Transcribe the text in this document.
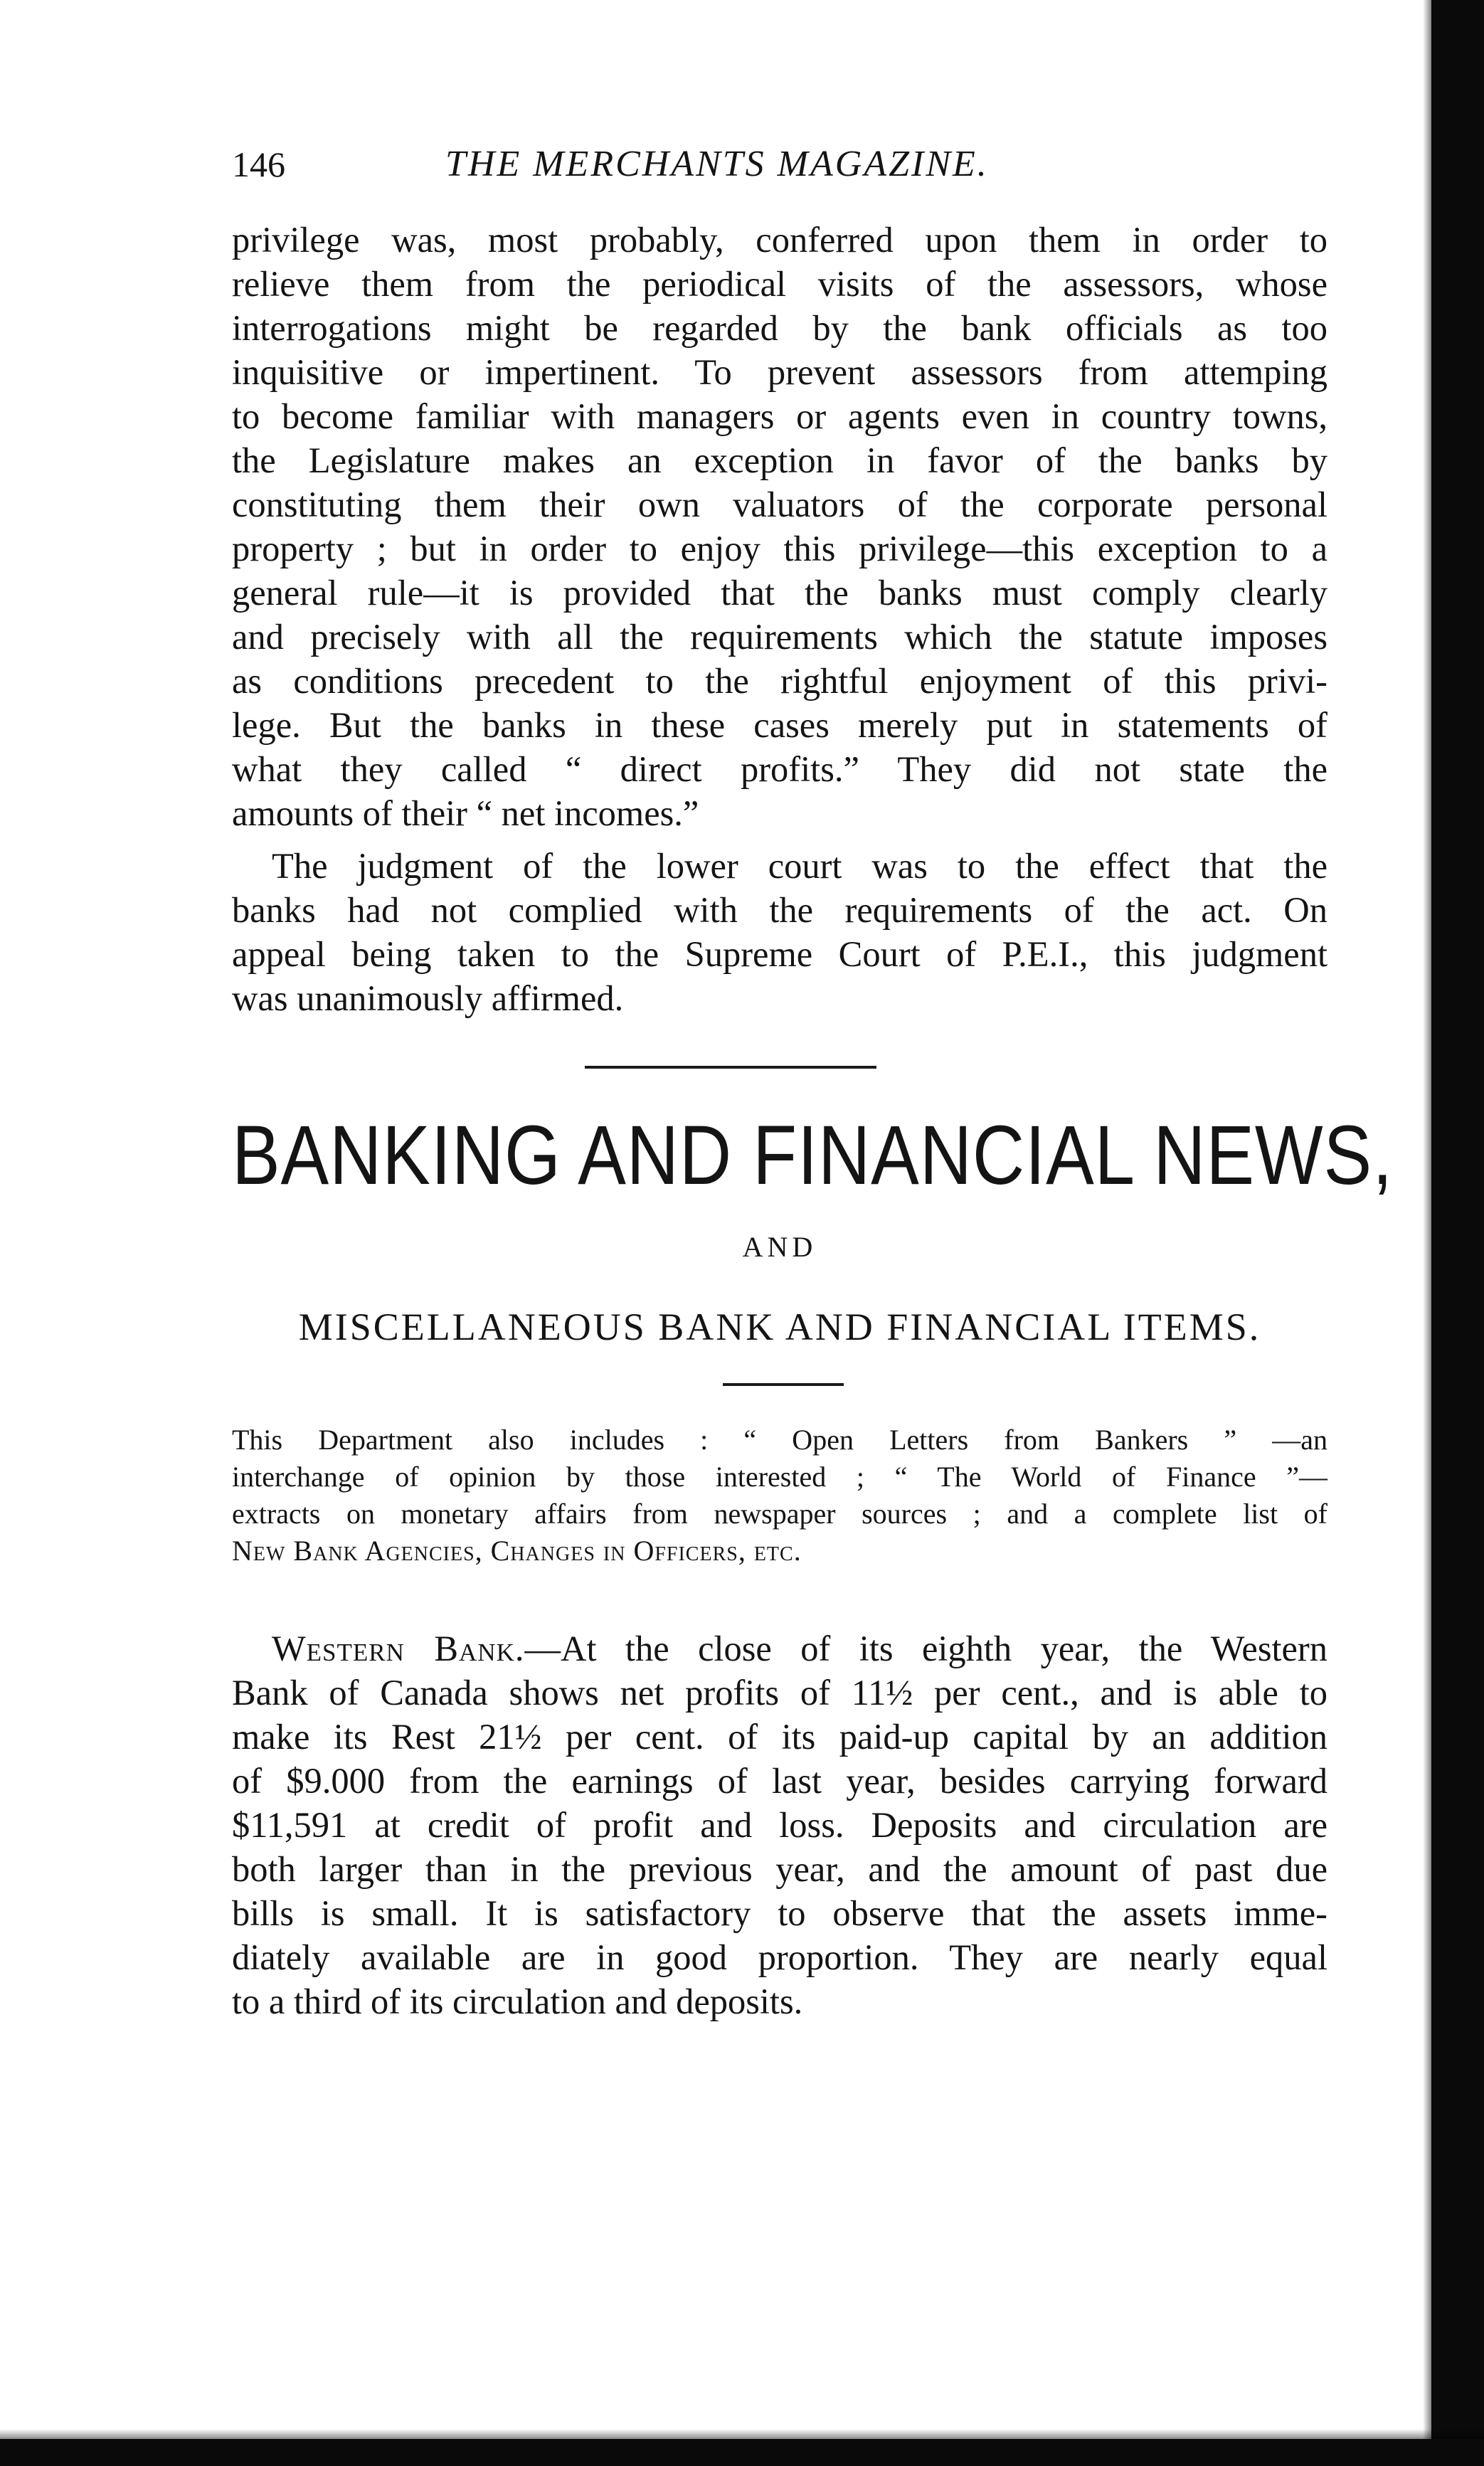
146	THE MERCHANTS MAGAZINE.
privilege was, most probably, conferred upon them in order to
relieve them from the periodical visits of the assessors, whose
interrogations might be regarded by the bank officials as too
inquisitive or impertinent. To prevent assessors from attemping
to become familiar with managers or agents even in country towns,
the Legislature makes an exception in favor of the banks by
constituting them their own valuators of the corporate personal
property ; but in order to enjoy this privilege—this exception to a
general rule—it is provided that the banks must comply clearly
and precisely with all the requirements which the statute imposes
as conditions precedent to the rightful enjoyment of this privi-
lege. But the banks in these cases merely put in statements of
what they called “ direct profits.” They did not state the
amounts of their “ net incomes.”
The judgment of the lower court was to the effect that the
banks had not complied with the requirements of the act. On
appeal being taken to the Supreme Court of P.E.I., this judgment
was unanimously affirmed.
BANKING AND FINANCIAL NEWS,
AND
MISCELLANEOUS BANK AND FINANCIAL ITEMS.
This Department also includes : “ Open Letters from Bankers ” —an
interchange of opinion by those interested ; “ The World of Finance ”—
extracts on monetary affairs from newspaper sources ; and a complete list of
New Bank Agencies, Changes in Officers, etc.
Western Bank.—At the close of its eighth year, the Western
Bank of Canada shows net profits of 11½ per cent., and is able to
make its Rest 21½ per cent. of its paid-up capital by an addition
of $9.000 from the earnings of last year, besides carrying forward
$11,591 at credit of profit and loss. Deposits and circulation are
both larger than in the previous year, and the amount of past due
bills is small. It is satisfactory to observe that the assets imme-
diately available are in good proportion. They are nearly equal
to a third of its circulation and deposits.
